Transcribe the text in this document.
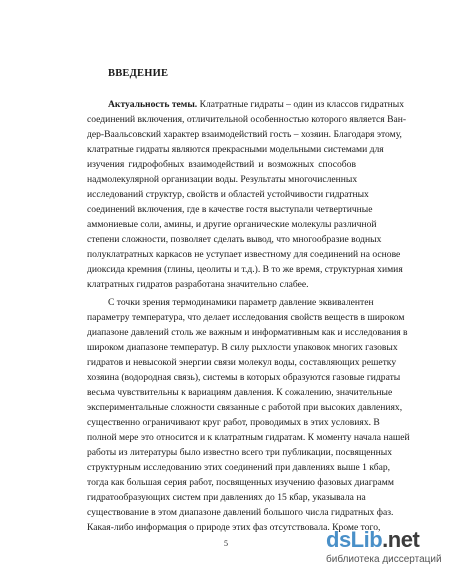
ВВЕДЕНИЕ
Актуальность темы. Клатратные гидраты – один из классов гидратных
соединений включения, отличительной особенностью которого является Ван-
дер-Ваальсовский характер взаимодействий гость – хозяин. Благодаря этому,
клатратные гидраты являются прекрасными модельными системами для
изучения гидрофобных взаимодействий и возможных способов
надмолекулярной организации воды. Результаты многочисленных
исследований структур, свойств и областей устойчивости гидратных
соединений включения, где в качестве гостя выступали четвертичные
аммониевые соли, амины, и другие органические молекулы различной
степени сложности, позволяет сделать вывод, что многообразие водных
полуклатратных каркасов не уступает известному для соединений на основе
диоксида кремния (глины, цеолиты и т.д.). В то же время, структурная химия
клатратных гидратов разработана значительно слабее.
С точки зрения термодинамики параметр давление эквивалентен
параметру температура, что делает исследования свойств веществ в широком
диапазоне давлений столь же важным и информативным как и исследования в
широком диапазоне температур. В силу рыхлости упаковок многих газовых
гидратов и невысокой энергии связи молекул воды, составляющих решетку
хозяина (водородная связь), системы в которых образуются газовые гидраты
весьма чувствительны к вариациям давления. К сожалению, значительные
экспериментальные сложности связанные с работой при высоких давлениях,
существенно ограничивают круг работ, проводимых в этих условиях. В
полной мере это относится и к клатратным гидратам. К моменту начала нашей
работы из литературы было известно всего три публикации, посвященных
структурным исследованию этих соединений при давлениях выше 1 кбар,
тогда как большая серия работ, посвященных изучению фазовых диаграмм
гидратообразующих систем при давлениях до 15 кбар, указывала на
существование в этом диапазоне давлений большого числа гидратных фаз.
Какая-либо информация о природе этих фаз отсутствовала. Кроме того,
5	dsLib.net
библиотека диссертаций
